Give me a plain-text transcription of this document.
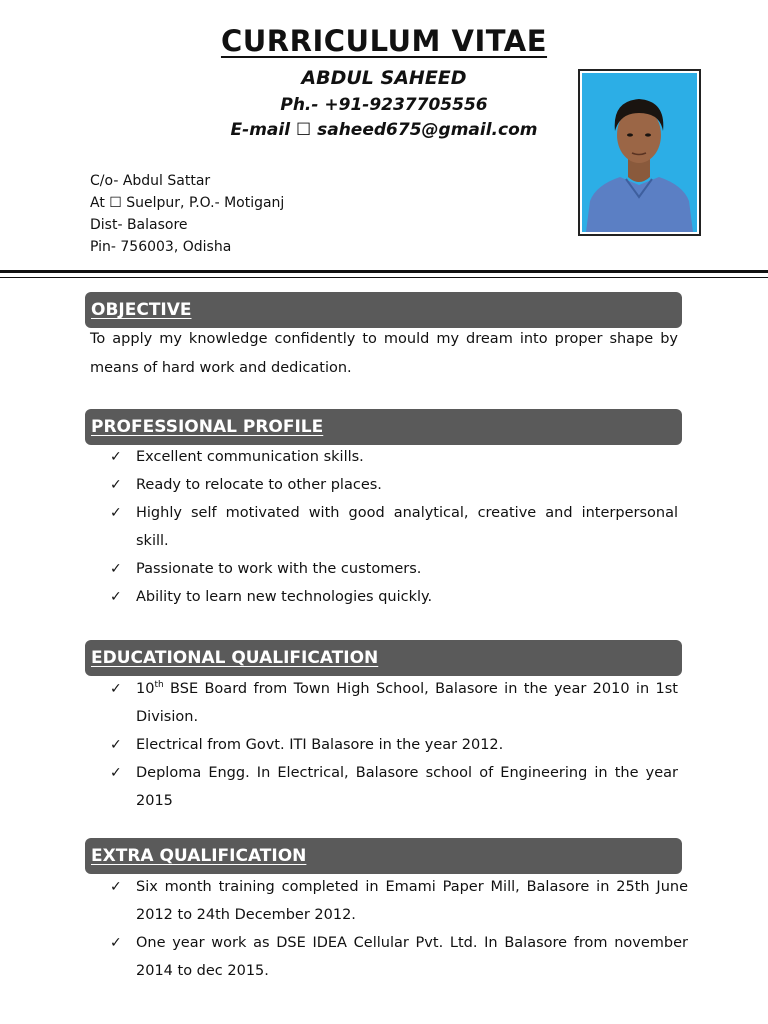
CURRICULUM VITAE
ABDUL SAHEED
Ph.- +91-9237705556
E-mail ☐ saheed675@gmail.com
C/o- Abdul Sattar
At ☐ Suelpur, P.O.- Motiganj
Dist- Balasore
Pin- 756003, Odisha
OBJECTIVE
To apply my knowledge confidently to mould my dream into proper shape by means of hard work and dedication.
PROFESSIONAL PROFILE
✓ Excellent communication skills.
✓ Ready to relocate to other places.
✓ Highly self motivated with good analytical, creative and interpersonal skill.
✓ Passionate to work with the customers.
✓ Ability to learn new technologies quickly.
EDUCATIONAL QUALIFICATION
✓ 10th BSE Board from Town High School, Balasore in the year 2010 in 1st Division.
✓ Electrical from Govt. ITI Balasore in the year 2012.
✓ Deploma Engg. In Electrical, Balasore school of Engineering in the year 2015
EXTRA QUALIFICATION
✓ Six month training completed in Emami Paper Mill, Balasore in 25th June 2012 to 24th December 2012.
✓ One year work as DSE IDEA Cellular Pvt. Ltd. In Balasore from november 2014 to dec 2015.
